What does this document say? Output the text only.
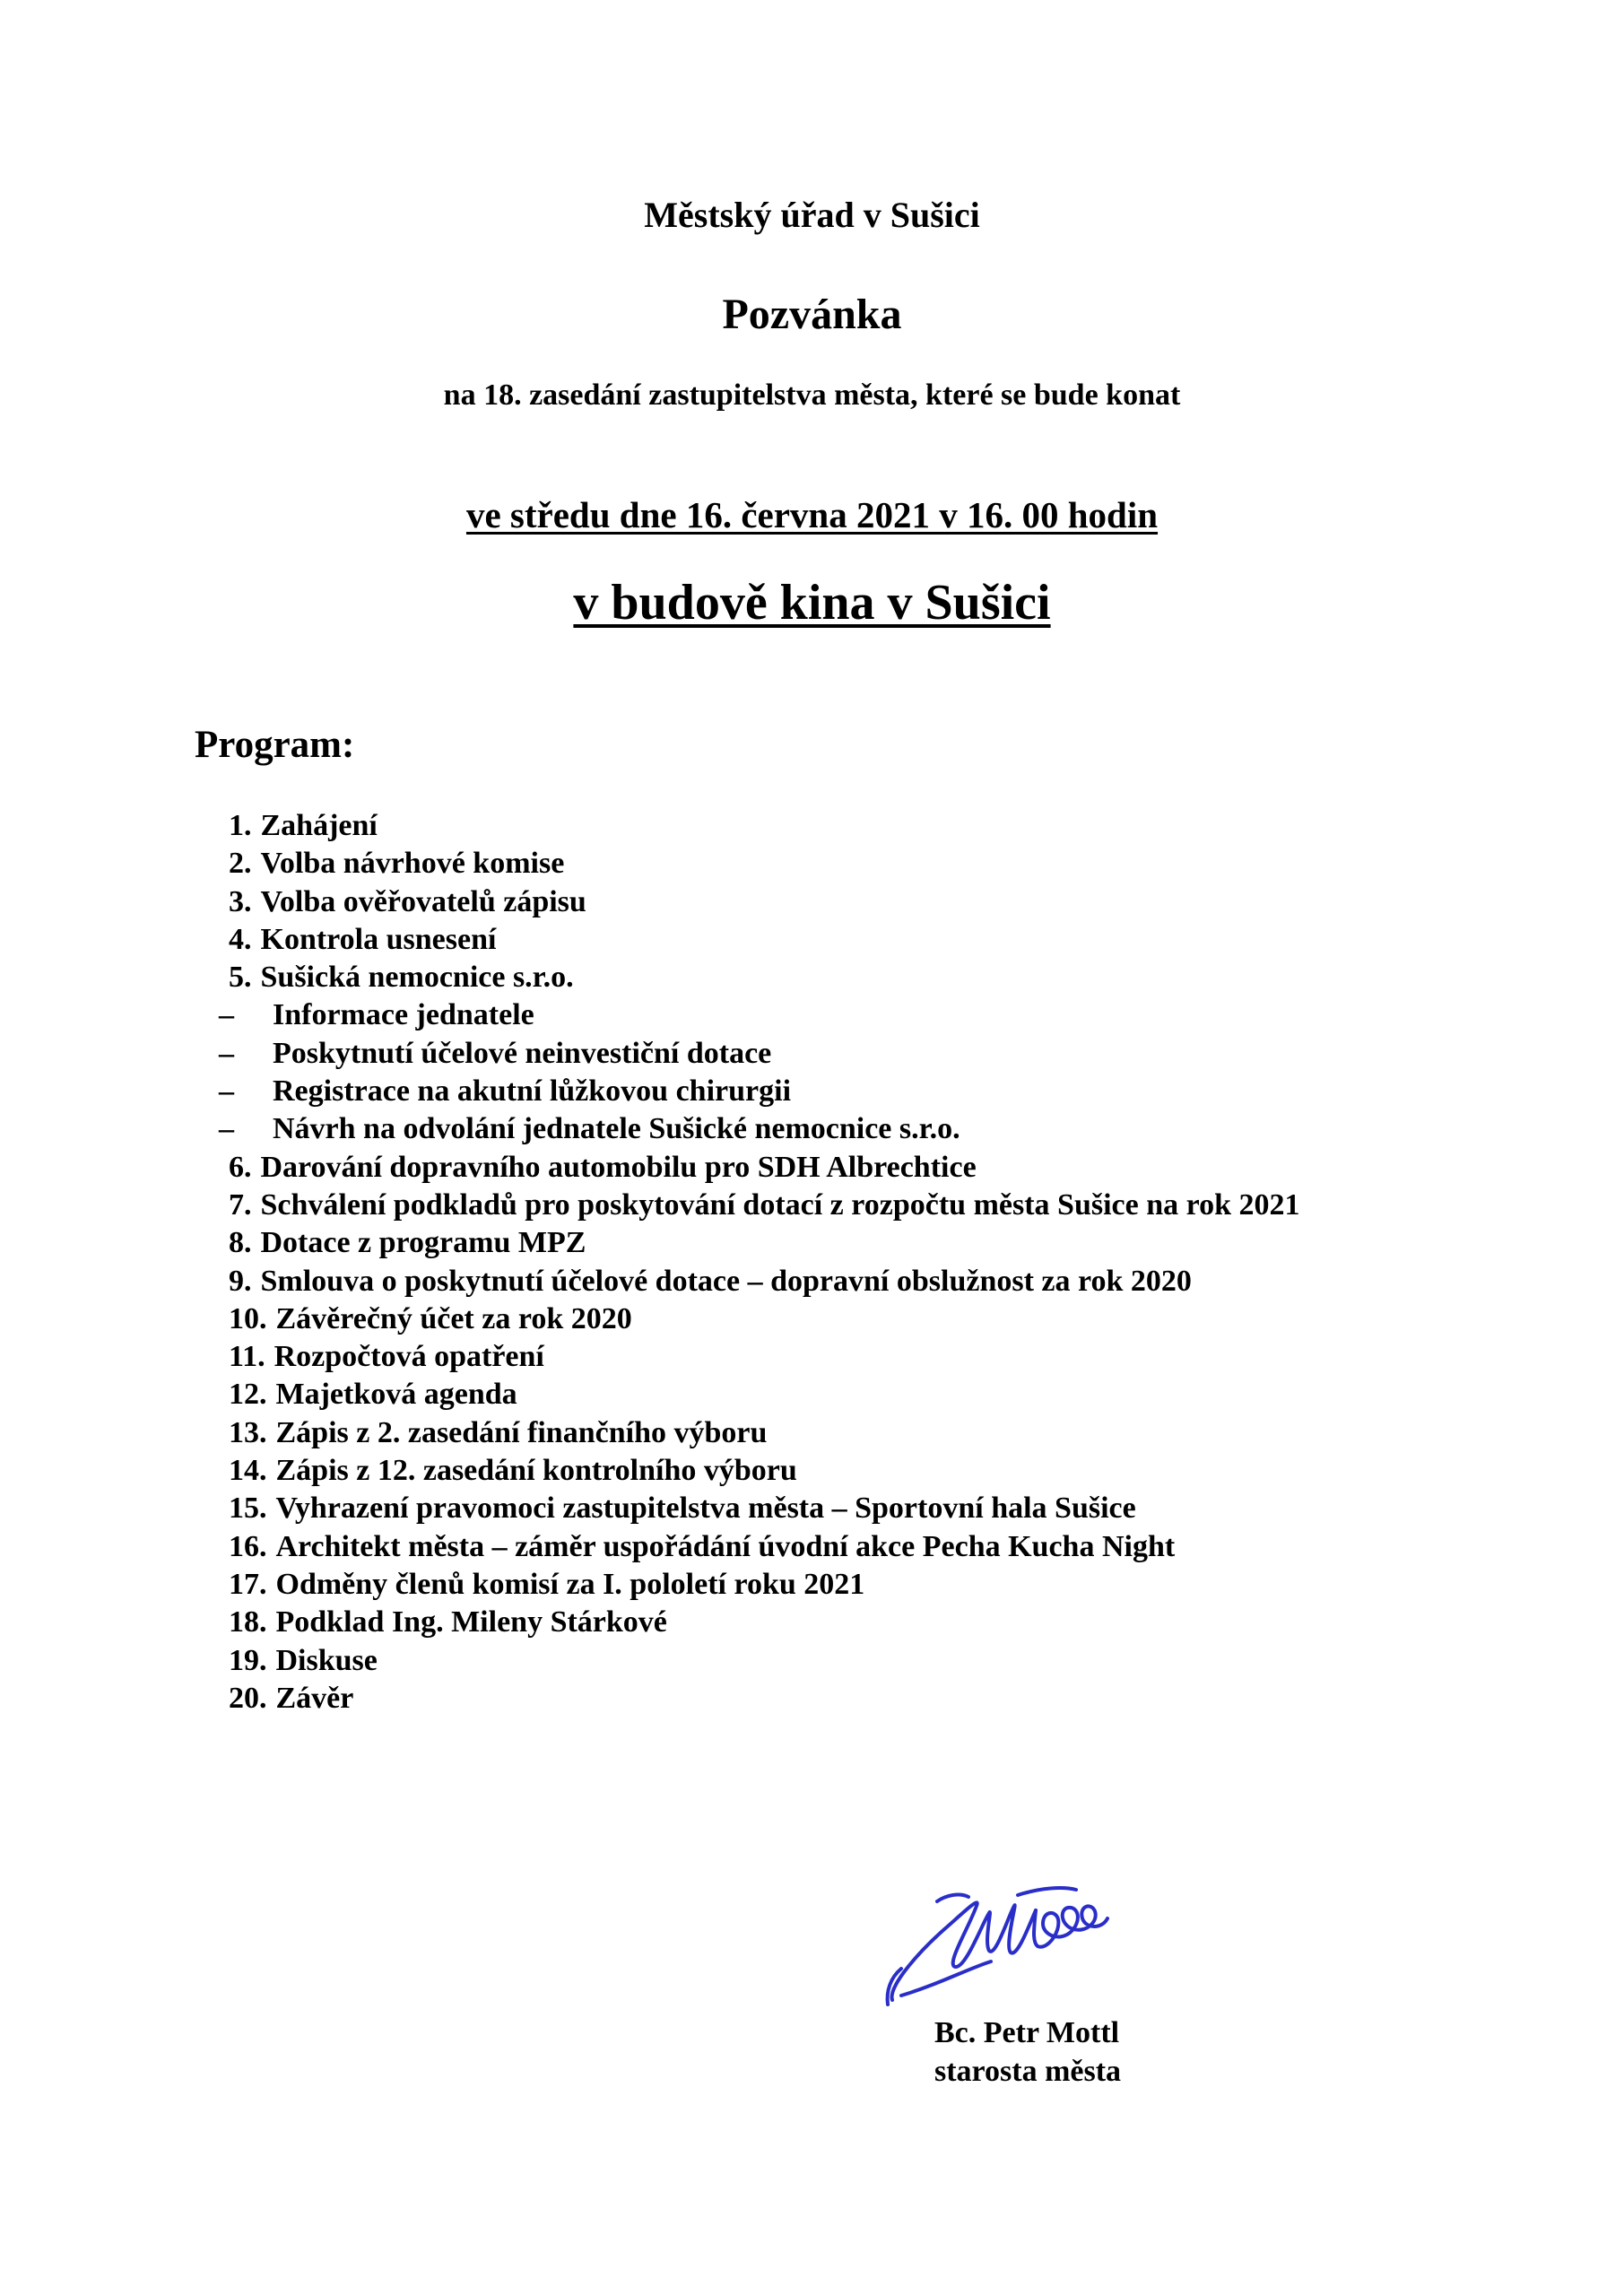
Městský úřad v Sušici
Pozvánka
na 18. zasedání zastupitelstva města, které se bude konat
ve středu dne 16. června 2021 v 16. 00 hodin
v budově kina v Sušici
Program:
1. Zahájení
2. Volba návrhové komise
3. Volba ověřovatelů zápisu
4. Kontrola usnesení
5. Sušická nemocnice s.r.o.
–	Informace jednatele
–	Poskytnutí účelové neinvestiční dotace
–	Registrace na akutní lůžkovou chirurgii
–	Návrh na odvolání jednatele Sušické nemocnice s.r.o.
6. Darování dopravního automobilu pro SDH Albrechtice
7. Schválení podkladů pro poskytování dotací z rozpočtu města Sušice na rok 2021
8. Dotace z programu MPZ
9. Smlouva o poskytnutí účelové dotace – dopravní obslužnost za rok 2020
10. Závěrečný účet za rok 2020
11. Rozpočtová opatření
12. Majetková agenda
13. Zápis z 2. zasedání finančního výboru
14. Zápis z 12. zasedání kontrolního výboru
15. Vyhrazení pravomoci zastupitelstva města – Sportovní hala Sušice
16. Architekt města – záměr uspořádání úvodní akce Pecha Kucha Night
17. Odměny členů komisí za I. pololetí roku 2021
18. Podklad Ing. Mileny Stárkové
19. Diskuse
20. Závěr
Bc. Petr Mottl
starosta města
